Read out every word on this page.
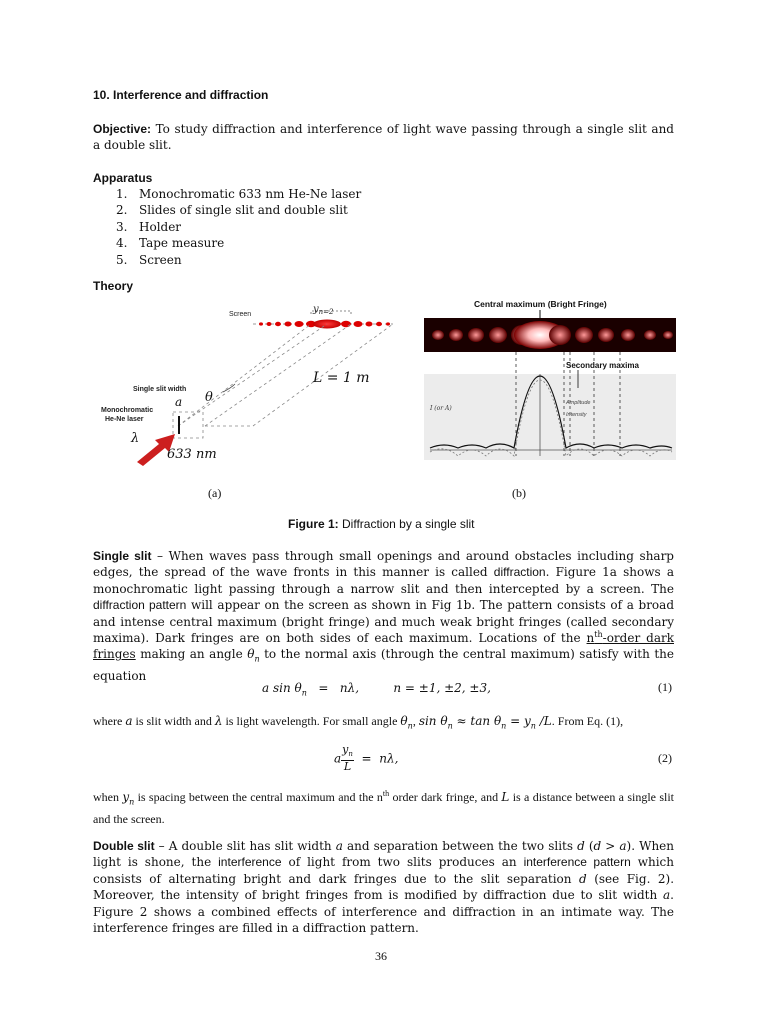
10. Interference and diffraction
Objective: To study diffraction and interference of light wave passing through a single slit and a double slit.
Apparatus
1. Monochromatic 633 nm He-Ne laser
2. Slides of single slit and double slit
3. Holder
4. Tape measure
5. Screen
Theory
Screen	$y_{n=2}$
θ
L = 1 m
Single slit width
a
Monochromatic
He-Ne laser
λ
633 nm
Central maximum (Bright Fringe)
Secondary maxima
I (or A)
Amplitude
Intensity
(a)	(b)
Figure 1: Diffraction by a single slit
Single slit – When waves pass through small openings and around obstacles including sharp edges, the spread of the wave fronts in this manner is called diffraction. Figure 1a shows a monochromatic light passing through a narrow slit and then intercepted by a screen. The diffraction pattern will appear on the screen as shown in Fig 1b. The pattern consists of a broad and intense central maximum (bright fringe) and much weak bright fringes (called secondary maxima). Dark fringes are on both sides of each maximum. Locations of the $n^{th}$-order dark fringes making an angle $\theta_n$ to the normal axis (through the central maximum) satisfy with the equation
a $\sin \theta_n = n\lambda$,	n = ±1, ±2, ±3,	(1)
where a is slit width and λ is light wavelength. For small angle $\theta_n$, $\sin \theta_n \approx \tan \theta_n = y_n$ /L. From Eq. (1),
a $\frac{y_n}{L} = n\lambda$,	(2)
when $y_n$ is spacing between the central maximum and the $n^{th}$ order dark fringe, and L is a distance between a single slit and the screen.
Double slit – A double slit has slit width a and separation between the two slits d (d > a). When light is shone, the interference of light from two slits produces an interference pattern which consists of alternating bright and dark fringes due to the slit separation d (see Fig. 2). Moreover, the intensity of bright fringes from is modified by diffraction due to slit width a. Figure 2 shows a combined effects of interference and diffraction in an intimate way. The interference fringes are filled in a diffraction pattern.
36
